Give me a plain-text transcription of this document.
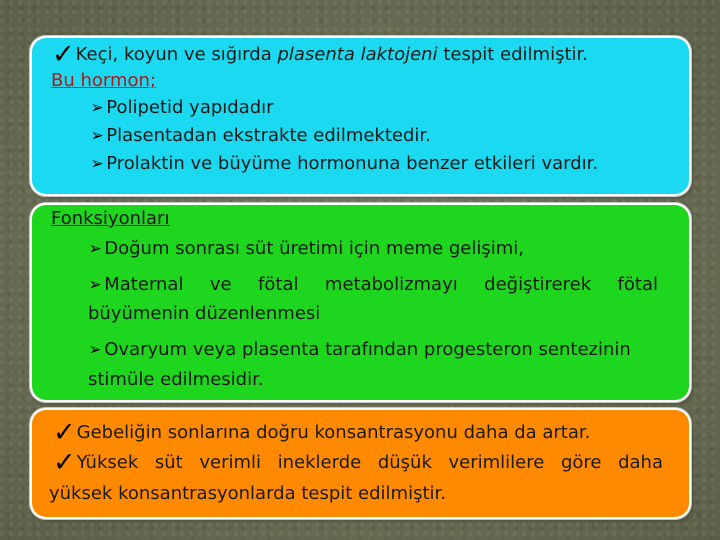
✓Keçi, koyun ve sığırda plasenta laktojeni tespit edilmiştir.
Bu hormon;
➢ Polipetid yapıdadır
➢ Plasentadan ekstrakte edilmektedir.
➢ Prolaktin ve büyüme hormonuna benzer etkileri vardır.
Fonksiyonları
➢ Doğum sonrası süt üretimi için meme gelişimi,
➢ Maternal ve fötal metabolizmayı değiştirerek fötal
büyümenin düzenlenmesi
➢ Ovaryum veya plasenta tarafından progesteron sentezinin
stimüle edilmesidir.
✓Gebeliğin sonlarına doğru konsantrasyonu daha da artar.
✓Yüksek süt verimli ineklerde düşük verimlilere göre daha
yüksek konsantrasyonlarda tespit edilmiştir.
